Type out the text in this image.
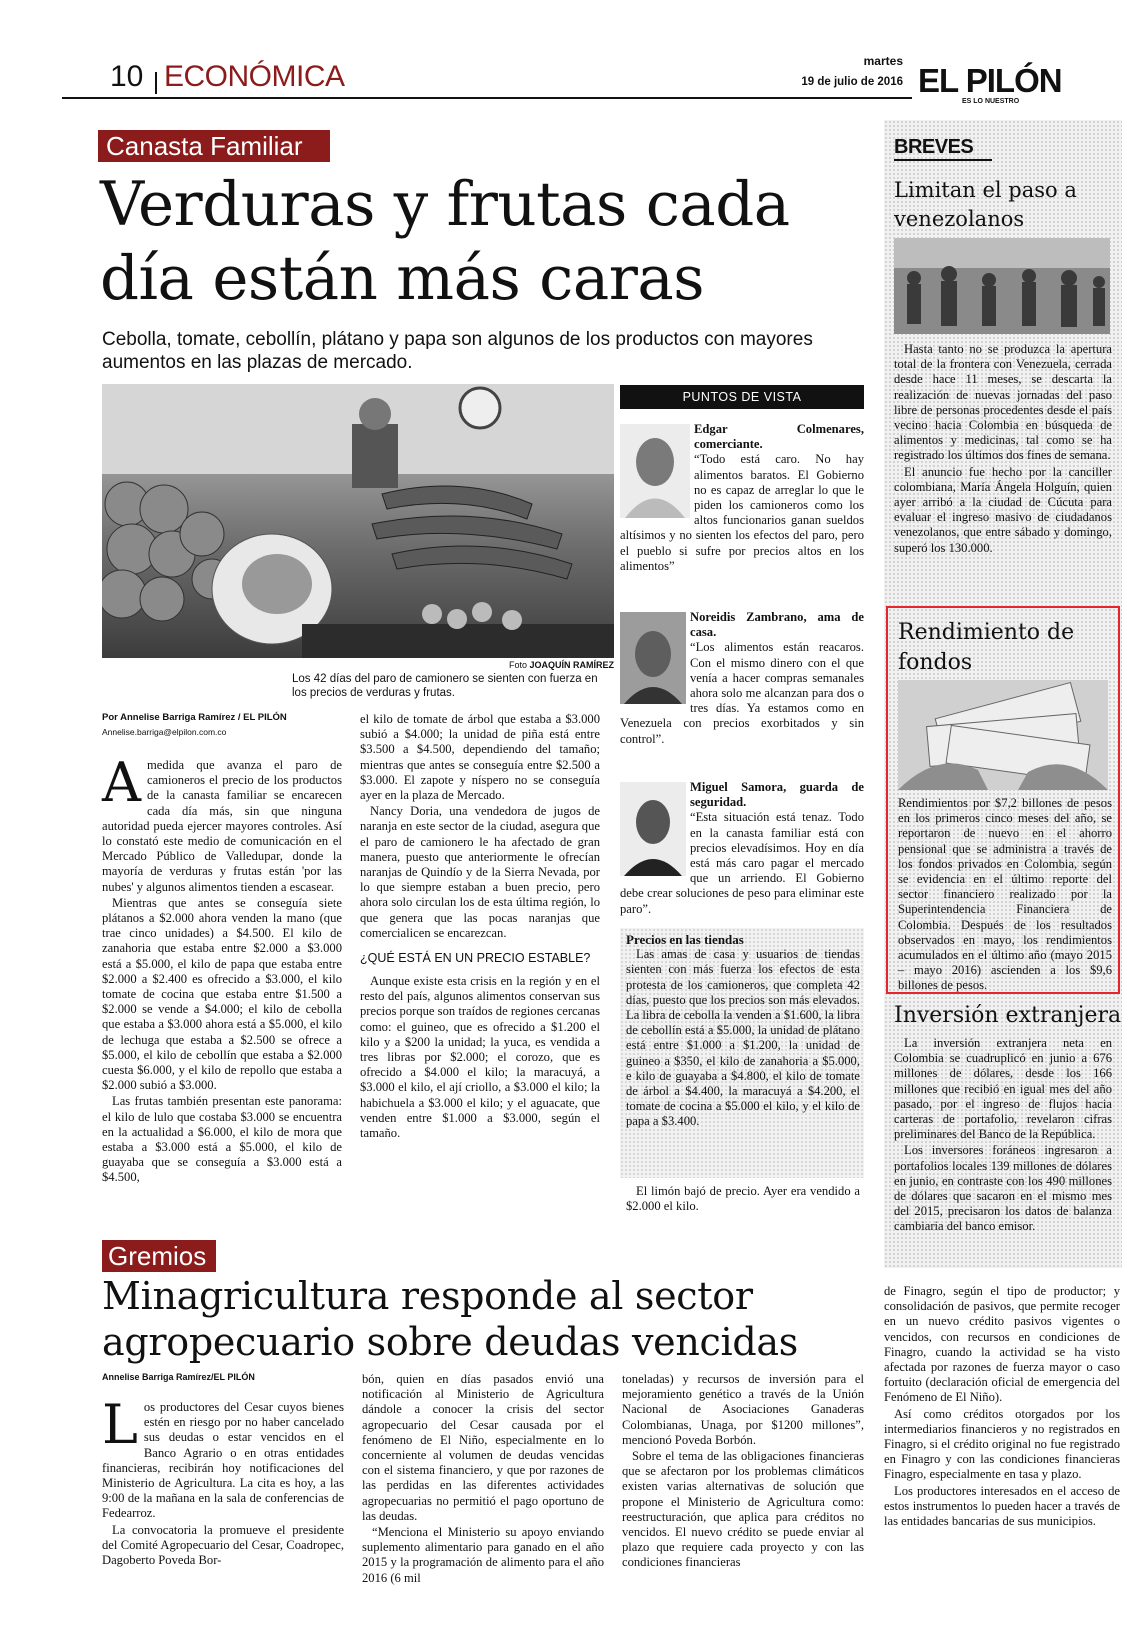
10 ECONÓMICA	martes
19 de julio de 2016 EL PILÓN
ES LO NUESTRO
Canasta Familiar
Verduras y frutas cada
día están más caras
Cebolla, tomate, cebollín, plátano y papa son algunos de los productos con mayores aumentos en las plazas de mercado.
Foto JOAQUÍN RAMÍREZ
Los 42 días del paro de camionero se sienten con fuerza en los precios de verduras y frutas.
Por Annelise Barriga Ramírez / EL PILÓN
Annelise.barriga@elpilon.com.co
A medida que avanza el paro de camioneros el precio de los productos de la canasta familiar se encarecen cada día más, sin que ninguna autoridad pueda ejercer mayores controles. Así lo constató este medio de comunicación en el Mercado Público de Valledupar, donde la mayoría de verduras y frutas están 'por las nubes' y algunos alimentos tienden a escasear.

Mientras que antes se conseguía siete plátanos a $2.000 ahora venden la mano (que trae cinco unidades) a $4.500. El kilo de zanahoria que estaba entre $2.000 a $3.000 está a $5.000, el kilo de papa que estaba entre $2.000 a $2.400 es ofrecido a $3.000, el kilo tomate de cocina que estaba entre $1.500 a $2.000 se vende a $4.000; el kilo de cebolla que estaba a $3.000 ahora está a $5.000, el kilo de lechuga que estaba a $2.500 se ofrece a $5.000, el kilo de cebollín que estaba a $2.000 cuesta $6.000, y el kilo de repollo que estaba a $2.000 subió a $3.000.

Las frutas también presentan este panorama: el kilo de lulo que costaba $3.000 se encuentra en la actualidad a $6.000, el kilo de mora que estaba a $3.000 está a $5.000, el kilo de guayaba que se conseguía a $3.000 está a $4.500,

el kilo de tomate de árbol que estaba a $3.000 subió a $4.000; la unidad de piña está entre $3.500 a $4.500, dependiendo del tamaño; mientras que antes se conseguía entre $2.500 a $3.000. El zapote y níspero no se conseguía ayer en la plaza de Mercado.

Nancy Doria, una vendedora de jugos de naranja en este sector de la ciudad, asegura que el paro de camionero le ha afectado de gran manera, puesto que anteriormente le ofrecían naranjas de Quindío y de la Sierra Nevada, por lo que siempre estaban a buen precio, pero ahora solo circulan los de esta última región, lo que genera que las pocas naranjas que comercialicen se encarezcan.

¿QUÉ ESTÁ EN UN PRECIO ESTABLE?

Aunque existe esta crisis en la región y en el resto del país, algunos alimentos conservan sus precios porque son traídos de regiones cercanas como: el guineo, que es ofrecido a $1.200 el kilo y a $200 la unidad; la yuca, es vendida a tres libras por $2.000; el corozo, que es ofrecido a $4.000 el kilo; la maracuyá, a $3.000 el kilo, el ají criollo, a $3.000 el kilo; la habichuela a $3.000 el kilo; y el aguacate, que venden entre $1.000 a $3.000, según el tamaño.

PUNTOS DE VISTA
Edgar Colmenares, comerciante.
“Todo está caro. No hay alimentos baratos. El Gobierno no es capaz de arreglar lo que le piden los camioneros como los altos funcionarios ganan sueldos altísimos y no sienten los efectos del paro, pero el pueblo si sufre por precios altos en los alimentos”
Noreidis Zambrano, ama de casa.
“Los alimentos están reacaros. Con el mismo dinero con el que venía a hacer compras semanales ahora solo me alcanzan para dos o tres días. Ya estamos como en Venezuela con precios exorbitados y sin control”.
Miguel Samora, guarda de seguridad.
“Esta situación está tenaz. Todo en la canasta familiar está con precios elevadísimos. Hoy en día está más caro pagar el mercado que un arriendo. El Gobierno debe crear soluciones de peso para eliminar este paro”.
Precios en las tiendas

Las amas de casa y usuarios de tiendas sienten con más fuerza los efectos de esta protesta de los camioneros, que completa 42 días, puesto que los precios son más elevados. La libra de cebolla la venden a $1.600, la libra de cebollín está a $5.000, la unidad de plátano está entre $1.000 a $1.200, la unidad de guineo a $350, el kilo de zanahoria a $5.000, e kilo de guayaba a $4.800, el kilo de tomate de árbol a $4.400, la maracuyá a $4.200, el tomate de cocina a $5.000 el kilo, y el kilo de papa a $3.400.

El limón bajó de precio. Ayer era vendido a $2.000 el kilo.

BREVES
Limitan el paso a venezolanos

Hasta tanto no se produzca la apertura total de la frontera con Venezuela, cerrada desde hace 11 meses, se descarta la realización de nuevas jornadas del paso libre de personas procedentes desde el país vecino hacia Colombia en búsqueda de alimentos y medicinas, tal como se ha registrado los últimos dos fines de semana.

El anuncio fue hecho por la canciller colombiana, María Ángela Holguín, quien ayer arribó a la ciudad de Cúcuta para evaluar el ingreso masivo de ciudadanos venezolanos, que entre sábado y domingo, superó los 130.000.

Rendimiento de fondos

Rendimientos por $7,2 billones de pesos en los primeros cinco meses del año, se reportaron de nuevo en el ahorro pensional que se administra a través de los fondos privados en Colombia, según se evidencia en el último reporte del sector financiero realizado por la Superintendencia Financiera de Colombia. Después de los resultados observados en mayo, los rendimientos acumulados en el último año (mayo 2015 – mayo 2016) ascienden a los $9,6 billones de pesos.

Inversión extranjera

La inversión extranjera neta en Colombia se cuadruplicó en junio a 676 millones de dólares, desde los 166 millones que recibió en igual mes del año pasado, por el ingreso de flujos hacia carteras de portafolio, revelaron cifras preliminares del Banco de la República.

Los inversores foráneos ingresaron a portafolios locales 139 millones de dólares en junio, en contraste con los 490 millones de dólares que sacaron en el mismo mes del 2015, precisaron los datos de balanza cambiaria del banco emisor.

Gremios
Minagricultura responde al sector
agropecuario sobre deudas vencidas
Annelise Barriga Ramírez/EL PILÓN
L os productores del Cesar cuyos bienes estén en riesgo por no haber cancelado sus deudas o estar vencidos en el Banco Agrario o en otras entidades financieras, recibirán hoy notificaciones del Ministerio de Agricultura. La cita es hoy, a las 9:00 de la mañana en la sala de conferencias de Fedearroz.

La convocatoria la promueve el presidente del Comité Agropecuario del Cesar, Coadropec, Dagoberto Poveda Bor-

bón, quien en días pasados envió una notificación al Ministerio de Agricultura dándole a conocer la crisis del sector agropecuario del Cesar causada por el fenómeno de El Niño, especialmente en lo concerniente al volumen de deudas vencidas con el sistema financiero, y que por razones de las perdidas en las diferentes actividades agropecuarias no permitió el pago oportuno de las deudas.

“Menciona el Ministerio su apoyo enviando suplemento alimentario para ganado en el año 2015 y la programación de alimento para el año 2016 (6 mil

toneladas) y recursos de inversión para el mejoramiento genético a través de la Unión Nacional de Asociaciones Ganaderas Colombianas, Unaga, por $1200 millones”, mencionó Poveda Borbón.

Sobre el tema de las obligaciones financieras que se afectaron por los problemas climáticos existen varias alternativas de solución que propone el Ministerio de Agricultura como: reestructuración, que aplica para créditos no vencidos. El nuevo crédito se puede enviar al plazo que requiere cada proyecto y con las condiciones financieras

de Finagro, según el tipo de productor; y consolidación de pasivos, que permite recoger en un nuevo crédito pasivos vigentes o vencidos, con recursos en condiciones de Finagro, cuando la actividad se ha visto afectada por razones de fuerza mayor o caso fortuito (declaración oficial de emergencia del Fenómeno de El Niño).

Así como créditos otorgados por los intermediarios financieros y no registrados en Finagro, si el crédito original no fue registrado en Finagro y con las condiciones financieras Finagro, especialmente en tasa y plazo.

Los productores interesados en el acceso de estos instrumentos lo pueden hacer a través de las entidades bancarias de sus municipios.
